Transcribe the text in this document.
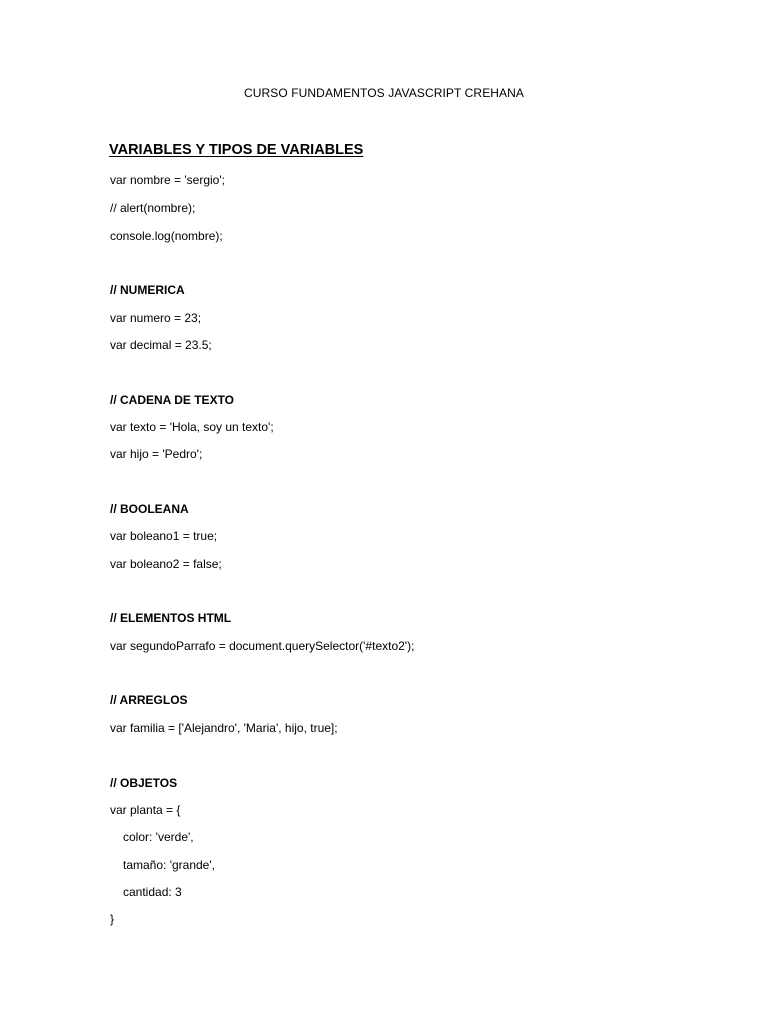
CURSO FUNDAMENTOS JAVASCRIPT CREHANA
VARIABLES Y TIPOS DE VARIABLES
var nombre = 'sergio';
// alert(nombre);
console.log(nombre);
// NUMERICA
var numero = 23;
var decimal = 23.5;
// CADENA DE TEXTO
var texto = 'Hola, soy un texto';
var hijo = 'Pedro';
// BOOLEANA
var boleano1 = true;
var boleano2 = false;
// ELEMENTOS HTML
var segundoParrafo = document.querySelector('#texto2');
// ARREGLOS
var familia = ['Alejandro', 'Maria', hijo, true];
// OBJETOS
var planta = {
color: 'verde',
tamaño: 'grande',
cantidad: 3
}
